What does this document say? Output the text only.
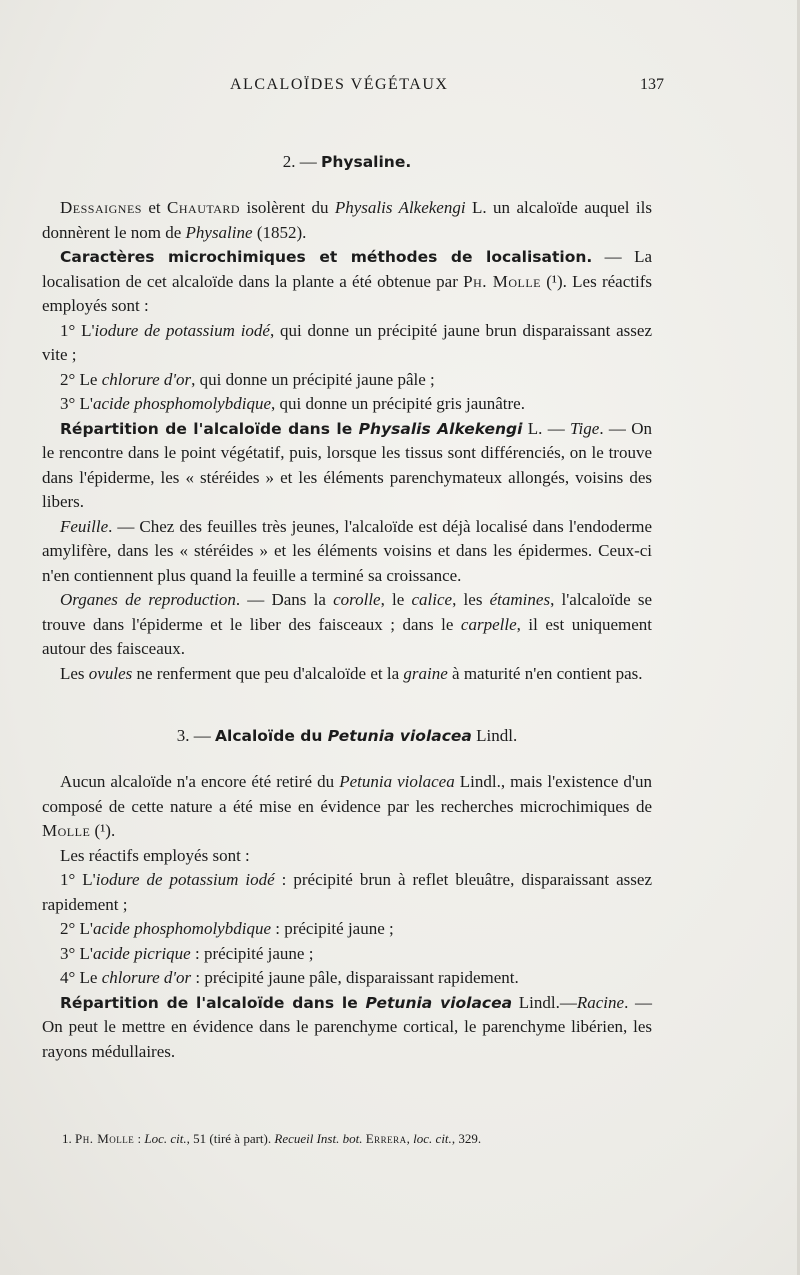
ALCALOÏDES VÉGÉTAUX	137
2. — Physaline.

Dessaignes et Chautard isolèrent du Physalis Alkekengi L. un alcaloïde auquel ils donnèrent le nom de Physaline (1852).

Caractères microchimiques et méthodes de localisation. — La localisation de cet alcaloïde dans la plante a été obtenue par Ph. Molle (¹). Les réactifs employés sont :

1° L'iodure de potassium iodé, qui donne un précipité jaune brun disparaissant assez vite ;

2° Le chlorure d'or, qui donne un précipité jaune pâle ;

3° L'acide phosphomolybdique, qui donne un précipité gris jaunâtre.

Répartition de l'alcaloïde dans le Physalis Alkekengi L. — Tige. — On le rencontre dans le point végétatif, puis, lorsque les tissus sont différenciés, on le trouve dans l'épiderme, les « stéréides » et les éléments parenchymateux allongés, voisins des libers.

Feuille. — Chez des feuilles très jeunes, l'alcaloïde est déjà localisé dans l'endoderme amylifère, dans les « stéréides » et les éléments voisins et dans les épidermes. Ceux-ci n'en contiennent plus quand la feuille a terminé sa croissance.

Organes de reproduction. — Dans la corolle, le calice, les étamines, l'alcaloïde se trouve dans l'épiderme et le liber des faisceaux ; dans le carpelle, il est uniquement autour des faisceaux.

Les ovules ne renferment que peu d'alcaloïde et la graine à maturité n'en contient pas.

3. — Alcaloïde du Petunia violacea Lindl.

Aucun alcaloïde n'a encore été retiré du Petunia violacea Lindl., mais l'existence d'un composé de cette nature a été mise en évidence par les recherches microchimiques de Molle (¹).

Les réactifs employés sont :

1° L'iodure de potassium iodé : précipité brun à reflet bleuâtre, disparaissant assez rapidement ;

2° L'acide phosphomolybdique : précipité jaune ;

3° L'acide picrique : précipité jaune ;

4° Le chlorure d'or : précipité jaune pâle, disparaissant rapidement.

Répartition de l'alcaloïde dans le Petunia violacea Lindl.—Racine. — On peut le mettre en évidence dans le parenchyme cortical, le parenchyme libérien, les rayons médullaires.

1. Ph. Molle : Loc. cit., 51 (tiré à part). Recueil Inst. bot. Errera, loc. cit., 329.
